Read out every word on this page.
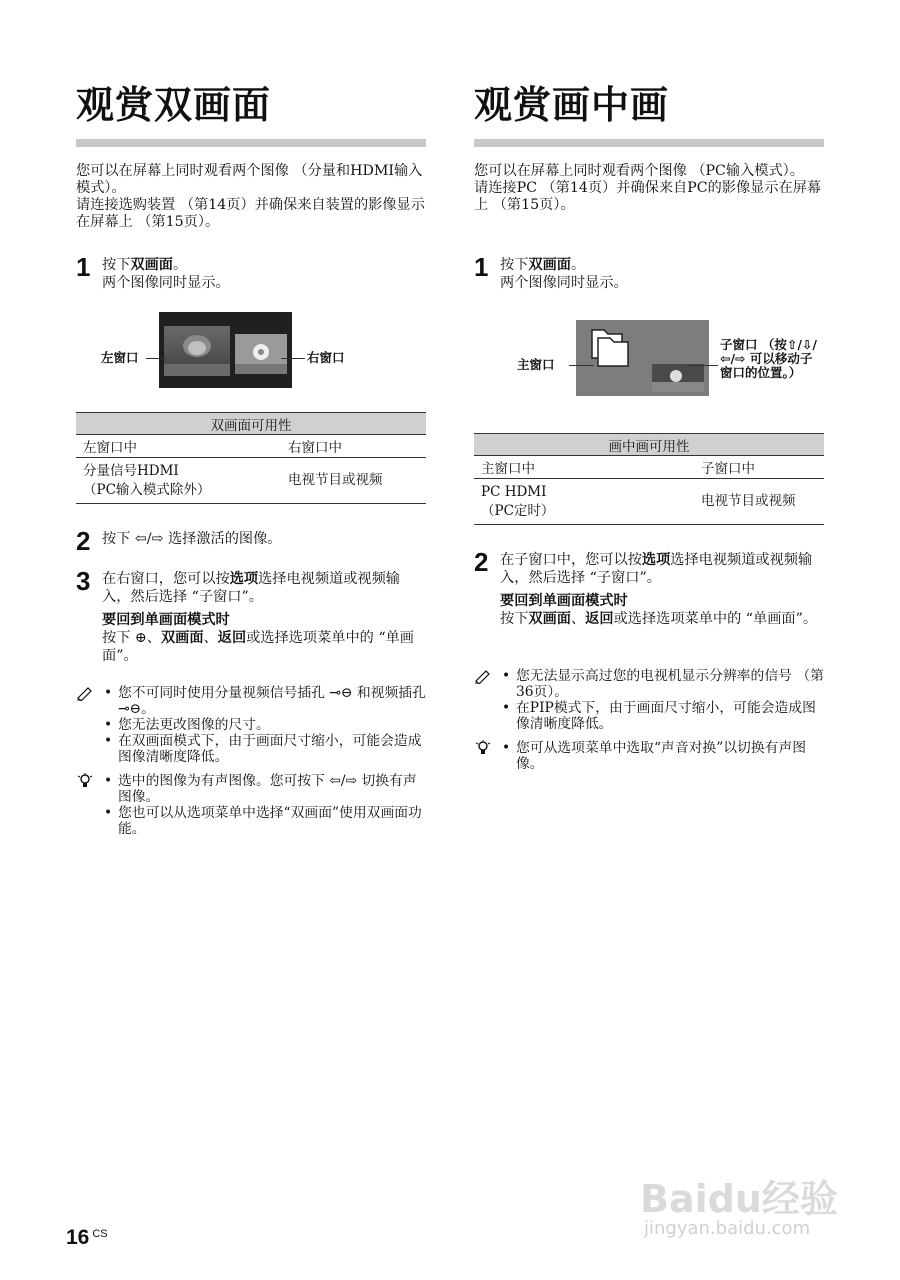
观赏双画面

您可以在屏幕上同时观看两个图像 （分量和HDMI输入模式）。

请连接选购装置 （第14页）并确保来自装置的影像显示在屏幕上 （第15页）。

1 按下双画面。
两个图像同时显示。
左窗口	右窗口
双画面可用性	
左窗口中	右窗口中

分量信号HDMI
（PC输入模式除外）	电视节目或视频
2 按下 ⇦/⇨ 选择激活的图像。
3 在右窗口，您可以按选项选择电视频道或视频输入，然后选择 “子窗口”。
要回到单画面模式时
按下 ⊕、双画面、返回或选择选项菜单中的 “单画面”。
• 您不可同时使用分量视频信号插孔 ⊸⊖ 和视频插孔 ⊸⊖。
• 您无法更改图像的尺寸。
• 在双画面模式下，由于画面尺寸缩小，可能会造成图像清晰度降低。
• 选中的图像为有声图像。您可按下 ⇦/⇨ 切换有声图像。
• 您也可以从选项菜单中选择“双画面”使用双画面功能。
观赏画中画

您可以在屏幕上同时观看两个图像 （PC输入模式）。

请连接PC （第14页）并确保来自PC的影像显示在屏幕上 （第15页）。

1 按下双画面。
两个图像同时显示。
主窗口
子窗口 （按⇧/⇩/⇦/⇨ 可以移动子窗口的位置。）
画中画可用性	
主窗口中	子窗口中

PC HDMI
（PC定时）	电视节目或视频
2 在子窗口中，您可以按选项选择电视频道或视频输入，然后选择 “子窗口”。
要回到单画面模式时
按下双画面、返回或选择选项菜单中的 “单画面”。
• 您无法显示高过您的电视机显示分辨率的信号 （第36页）。
• 在PIP模式下，由于画面尺寸缩小，可能会造成图像清晰度降低。
• 您可从选项菜单中选取“声音对换”以切换有声图像。
16 $^{CS}$
Baidu经验
jingyan.baidu.com
